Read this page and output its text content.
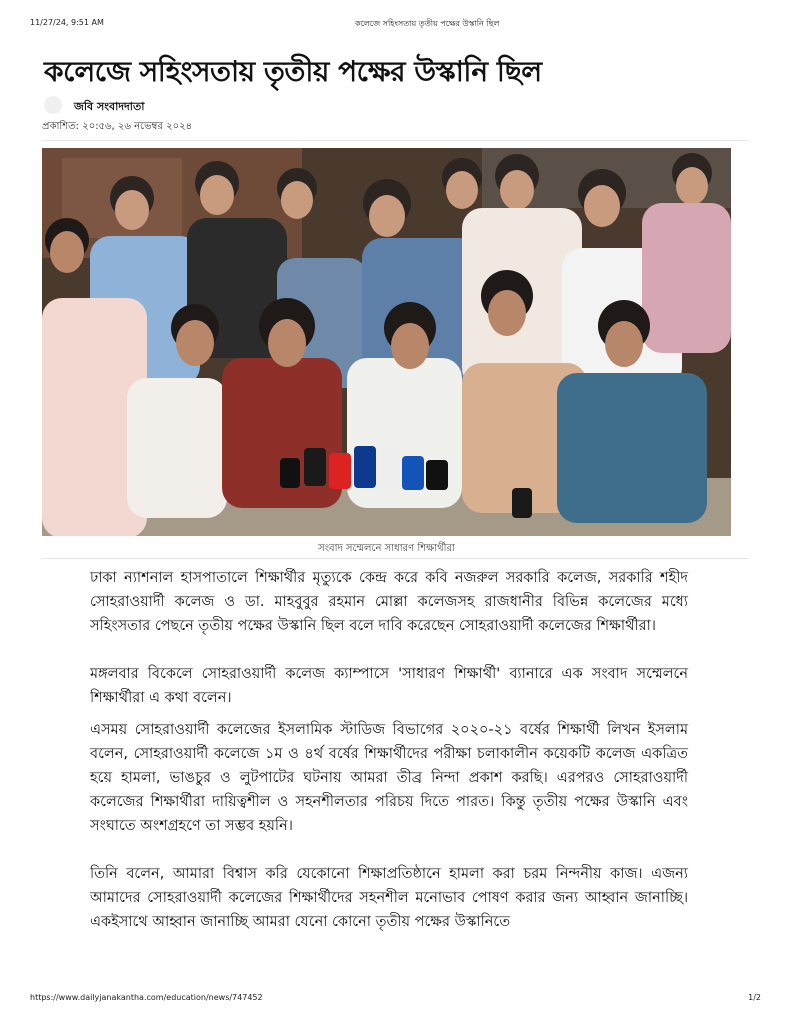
11/27/24, 9:51 AM	কলেজে সহিংসতায় তৃতীয় পক্ষের উস্কানি ছিল
কলেজে সহিংসতায় তৃতীয় পক্ষের উস্কানি ছিল
জবি সংবাদদাতা
প্রকাশিত: ২০:৫৬, ২৬ নভেম্বর ২০২৪
সংবাদ সম্মেলনে সাধারণ শিক্ষার্থীরা

ঢাকা ন্যাশনাল হাসপাতালে শিক্ষার্থীর মৃত্যুকে কেন্দ্র করে কবি নজরুল সরকারি কলেজ, সরকারি শহীদ সোহরাওয়ার্দী কলেজ ও ডা. মাহবুবুর রহমান মোল্লা কলেজসহ রাজধানীর বিভিন্ন কলেজের মধ্যে সহিংসতার পেছনে তৃতীয় পক্ষের উস্কানি ছিল বলে দাবি করেছেন সোহরাওয়ার্দী কলেজের শিক্ষার্থীরা।

মঙ্গলবার বিকেলে সোহরাওয়ার্দী কলেজ ক্যাম্পাসে 'সাধারণ শিক্ষার্থী' ব্যানারে এক সংবাদ সম্মেলনে শিক্ষার্থীরা এ কথা বলেন।

এসময় সোহরাওয়ার্দী কলেজের ইসলামিক স্টাডিজ বিভাগের ২০২০-২১ বর্ষের শিক্ষার্থী লিখন ইসলাম বলেন, সোহরাওয়ার্দী কলেজে ১ম ও ৪র্থ বর্ষের শিক্ষার্থীদের পরীক্ষা চলাকালীন কয়েকটি কলেজ একত্রিত হয়ে হামলা, ভাঙচুর ও লুটপাটের ঘটনায় আমরা তীব্র নিন্দা প্রকাশ করছি। এরপরও সোহরাওয়ার্দী কলেজের শিক্ষার্থীরা দায়িত্বশীল ও সহনশীলতার পরিচয় দিতে পারত। কিন্তু তৃতীয় পক্ষের উস্কানি এবং সংঘাতে অংশগ্রহণে তা সম্ভব হয়নি।

তিনি বলেন, আমারা বিশ্বাস করি যেকোনো শিক্ষাপ্রতিষ্ঠানে হামলা করা চরম নিন্দনীয় কাজ। এজন্য আমাদের সোহরাওয়ার্দী কলেজের শিক্ষার্থীদের সহনশীল মনোভাব পোষণ করার জন্য আহ্বান জানাচ্ছি। একইসাথে আহ্বান জানাচ্ছি আমরা যেনো কোনো তৃতীয় পক্ষের উস্কানিতে

https://www.dailyjanakantha.com/education/news/747452	1/2
